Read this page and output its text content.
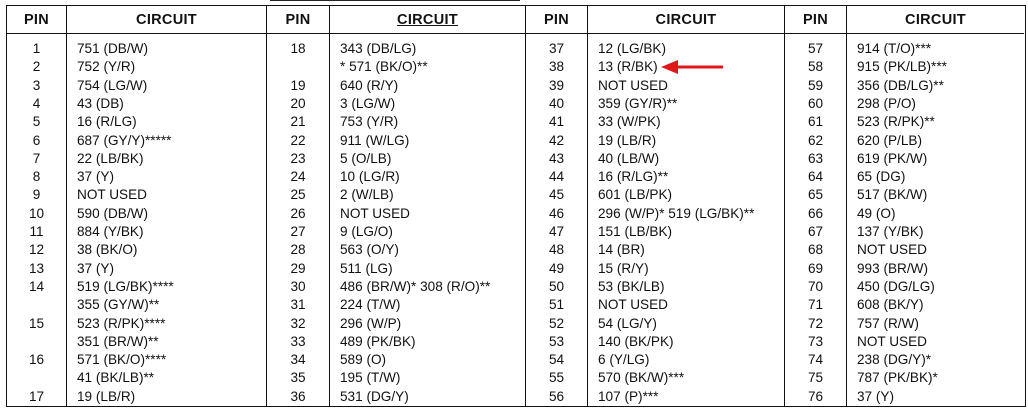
PIN
1
2
3
4
5
6
7
8
9
10
11
12
13
14
15
16
17
CIRCUIT
751 (DB/W)
752 (Y/R)
754 (LG/W)
43 (DB)
16 (R/LG)
687 (GY/Y)*****
22 (LB/BK)
37 (Y)
NOT USED
590 (DB/W)
884 (Y/BK)
38 (BK/O)
37 (Y)
519 (LG/BK)****
355 (GY/W)**
523 (R/PK)****
351 (BR/W)**
571 (BK/O)****
41 (BK/LB)**
19 (LB/R)
PIN
18
19
20
21
22
23
24
25
26
27
28
29
30
31
32
33
34
35
36
CIRCUIT
343 (DB/LG)
* 571 (BK/O)**
640 (R/Y)
3 (LG/W)
753 (Y/R)
911 (W/LG)
5 (O/LB)
10 (LG/R)
2 (W/LB)
NOT USED
9 (LG/O)
563 (O/Y)
511 (LG)
486 (BR/W)* 308 (R/O)**
224 (T/W)
296 (W/P)
489 (PK/BK)
589 (O)
195 (T/W)
531 (DG/Y)
PIN
37
38
39
40
41
42
43
44
45
46
47
48
49
50
51
52
53
54
55
56
CIRCUIT
12 (LG/BK)
13 (R/BK)
NOT USED
359 (GY/R)**
33 (W/PK)
19 (LB/R)
40 (LB/W)
16 (R/LG)**
601 (LB/PK)
296 (W/P)* 519 (LG/BK)**
151 (LB/BK)
14 (BR)
15 (R/Y)
53 (BK/LB)
NOT USED
54 (LG/Y)
140 (BK/PK)
6 (Y/LG)
570 (BK/W)***
107 (P)***
PIN
57
58
59
60
61
62
63
64
65
66
67
68
69
70
71
72
73
74
75
76
CIRCUIT
914 (T/O)***
915 (PK/LB)***
356 (DB/LG)**
298 (P/O)
523 (R/PK)**
620 (P/LB)
619 (PK/W)
65 (DG)
517 (BK/W)
49 (O)
137 (Y/BK)
NOT USED
993 (BR/W)
450 (DG/LG)
608 (BK/Y)
757 (R/W)
NOT USED
238 (DG/Y)*
787 (PK/BK)*
37 (Y)
